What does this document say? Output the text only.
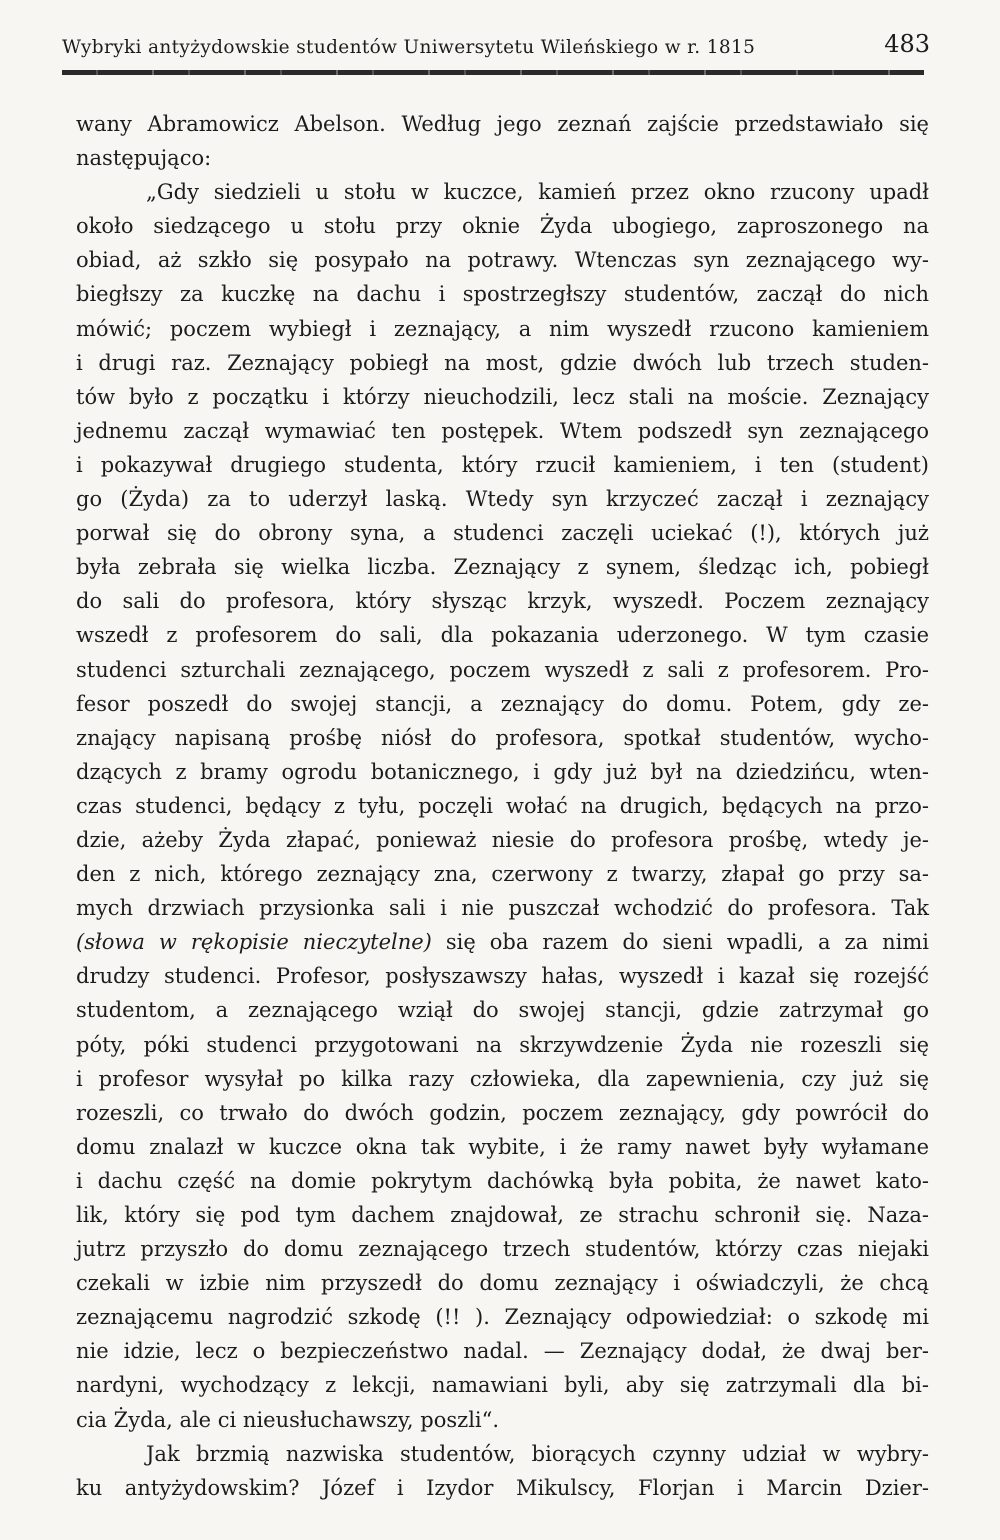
Wybryki antyżydowskie studentów Uniwersytetu Wileńskiego w r. 1815	483

wany Abramowicz Abelson. Według jego zeznań zajście przedstawiało się
następująco:

„Gdy siedzieli u stołu w kuczce, kamień przez okno rzucony upadł
około siedzącego u stołu przy oknie Żyda ubogiego, zaproszonego na
obiad, aż szkło się posypało na potrawy. Wtenczas syn zeznającego wy-
biegłszy za kuczkę na dachu i spostrzegłszy studentów, zaczął do nich
mówić; poczem wybiegł i zeznający, a nim wyszedł rzucono kamieniem
i drugi raz. Zeznający pobiegł na most, gdzie dwóch lub trzech studen-
tów było z początku i którzy nieuchodzili, lecz stali na moście. Zeznający
jednemu zaczął wymawiać ten postępek. Wtem podszedł syn zeznającego
i pokazywał drugiego studenta, który rzucił kamieniem, i ten (student)
go (Żyda) za to uderzył laską. Wtedy syn krzyczeć zaczął i zeznający
porwał się do obrony syna, a studenci zaczęli uciekać (!), których już
była zebrała się wielka liczba. Zeznający z synem, śledząc ich, pobiegł
do sali do profesora, który słysząc krzyk, wyszedł. Poczem zeznający
wszedł z profesorem do sali, dla pokazania uderzonego. W tym czasie
studenci szturchali zeznającego, poczem wyszedł z sali z profesorem. Pro-
fesor poszedł do swojej stancji, a zeznający do domu. Potem, gdy ze-
znający napisaną prośbę niósł do profesora, spotkał studentów, wycho-
dzących z bramy ogrodu botanicznego, i gdy już był na dziedzińcu, wten-
czas studenci, będący z tyłu, poczęli wołać na drugich, będących na przo-
dzie, ażeby Żyda złapać, ponieważ niesie do profesora prośbę, wtedy je-
den z nich, którego zeznający zna, czerwony z twarzy, złapał go przy sa-
mych drzwiach przysionka sali i nie puszczał wchodzić do profesora. Tak
(słowa w rękopisie nieczytelne) się oba razem do sieni wpadli, a za nimi
drudzy studenci. Profesor, posłyszawszy hałas, wyszedł i kazał się rozejść
studentom, a zeznającego wziął do swojej stancji, gdzie zatrzymał go
póty, póki studenci przygotowani na skrzywdzenie Żyda nie rozeszli się
i profesor wysyłał po kilka razy człowieka, dla zapewnienia, czy już się
rozeszli, co trwało do dwóch godzin, poczem zeznający, gdy powrócił do
domu znalazł w kuczce okna tak wybite, i że ramy nawet były wyłamane
i dachu część na domie pokrytym dachówką była pobita, że nawet kato-
lik, który się pod tym dachem znajdował, ze strachu schronił się. Naza-
jutrz przyszło do domu zeznającego trzech studentów, którzy czas niejaki
czekali w izbie nim przyszedł do domu zeznający i oświadczyli, że chcą
zeznającemu nagrodzić szkodę (!! ). Zeznający odpowiedział: o szkodę mi
nie idzie, lecz o bezpieczeństwo nadal. — Zeznający dodał, że dwaj ber-
nardyni, wychodzący z lekcji, namawiani byli, aby się zatrzymali dla bi-
cia Żyda, ale ci nieusłuchawszy, poszli“.

Jak brzmią nazwiska studentów, biorących czynny udział w wybry-
ku antyżydowskim? Józef i Izydor Mikulscy, Florjan i Marcin Dzier-
